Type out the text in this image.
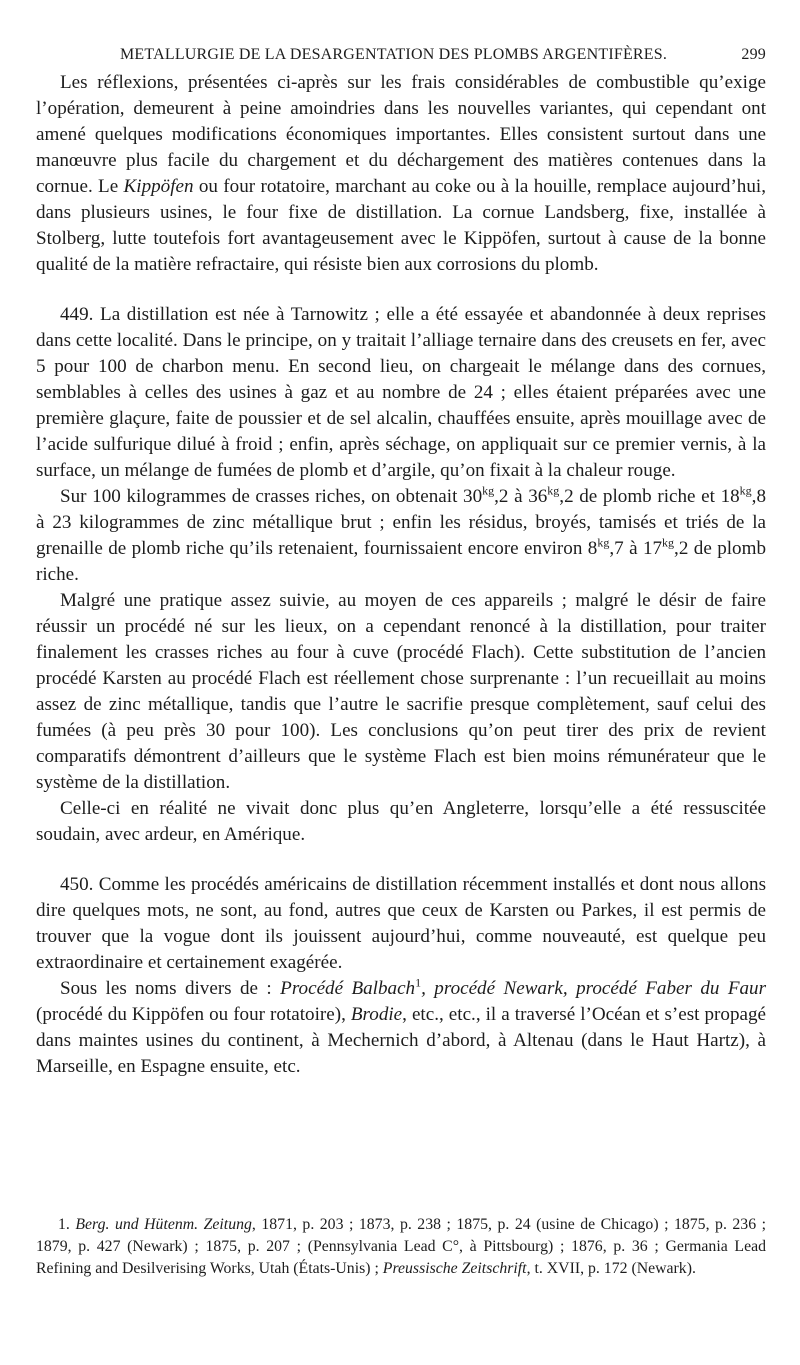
METALLURGIE DE LA DESARGENTATION DES PLOMBS ARGENTIFÈRES.	299

Les réflexions, présentées ci-après sur les frais considérables de combustible qu’exige l’opération, demeurent à peine amoindries dans les nouvelles variantes, qui cependant ont amené quelques modifications économiques importantes. Elles consistent surtout dans une manœuvre plus facile du chargement et du déchargement des matières contenues dans la cornue. Le Kippöfen ou four rotatoire, marchant au coke ou à la houille, remplace aujourd’hui, dans plusieurs usines, le four fixe de distillation. La cornue Landsberg, fixe, installée à Stolberg, lutte toutefois fort avantageusement avec le Kippöfen, surtout à cause de la bonne qualité de la matière refractaire, qui résiste bien aux corrosions du plomb.

449. La distillation est née à Tarnowitz ; elle a été essayée et abandonnée à deux reprises dans cette localité. Dans le principe, on y traitait l’alliage ternaire dans des creusets en fer, avec 5 pour 100 de charbon menu. En second lieu, on chargeait le mélange dans des cornues, semblables à celles des usines à gaz et au nombre de 24 ; elles étaient préparées avec une première glaçure, faite de poussier et de sel alcalin, chauffées ensuite, après mouillage avec de l’acide sulfurique dilué à froid ; enfin, après séchage, on appliquait sur ce premier vernis, à la surface, un mélange de fumées de plomb et d’argile, qu’on fixait à la chaleur rouge.

Sur 100 kilogrammes de crasses riches, on obtenait $30^{kg},2$ à $36^{kg},2$ de plomb riche et $18^{kg},8$ à 23 kilogrammes de zinc métallique brut ; enfin les résidus, broyés, tamisés et triés de la grenaille de plomb riche qu’ils retenaient, fournissaient encore environ $8^{kg},7$ à $17^{kg},2$ de plomb riche.

Malgré une pratique assez suivie, au moyen de ces appareils ; malgré le désir de faire réussir un procédé né sur les lieux, on a cependant renoncé à la distillation, pour traiter finalement les crasses riches au four à cuve (procédé Flach). Cette substitution de l’ancien procédé Karsten au procédé Flach est réellement chose surprenante : l’un recueillait au moins assez de zinc métallique, tandis que l’autre le sacrifie presque complètement, sauf celui des fumées (à peu près 30 pour 100). Les conclusions qu’on peut tirer des prix de revient comparatifs démontrent d’ailleurs que le système Flach est bien moins rémunérateur que le système de la distillation.

Celle-ci en réalité ne vivait donc plus qu’en Angleterre, lorsqu’elle a été ressuscitée soudain, avec ardeur, en Amérique.

450. Comme les procédés américains de distillation récemment installés et dont nous allons dire quelques mots, ne sont, au fond, autres que ceux de Karsten ou Parkes, il est permis de trouver que la vogue dont ils jouissent aujourd’hui, comme nouveauté, est quelque peu extraordinaire et certainement exagérée.

Sous les noms divers de : Procédé Balbach$^1$, procédé Newark, procédé Faber du Faur (procédé du Kippöfen ou four rotatoire), Brodie, etc., etc., il a traversé l’Océan et s’est propagé dans maintes usines du continent, à Mechernich d’abord, à Altenau (dans le Haut Hartz), à Marseille, en Espagne ensuite, etc.

1. Berg. und Hütenm. Zeitung, 1871, p. 203 ; 1873, p. 238 ; 1875, p. 24 (usine de Chicago) ; 1875, p. 236 ; 1879, p. 427 (Newark) ; 1875, p. 207 ; (Pennsylvania Lead C°, à Pittsbourg) ; 1876, p. 36 ; Germania Lead Refining and Desilverising Works, Utah (États-Unis) ; Preussische Zeitschrift, t. XVII, p. 172 (Newark).
